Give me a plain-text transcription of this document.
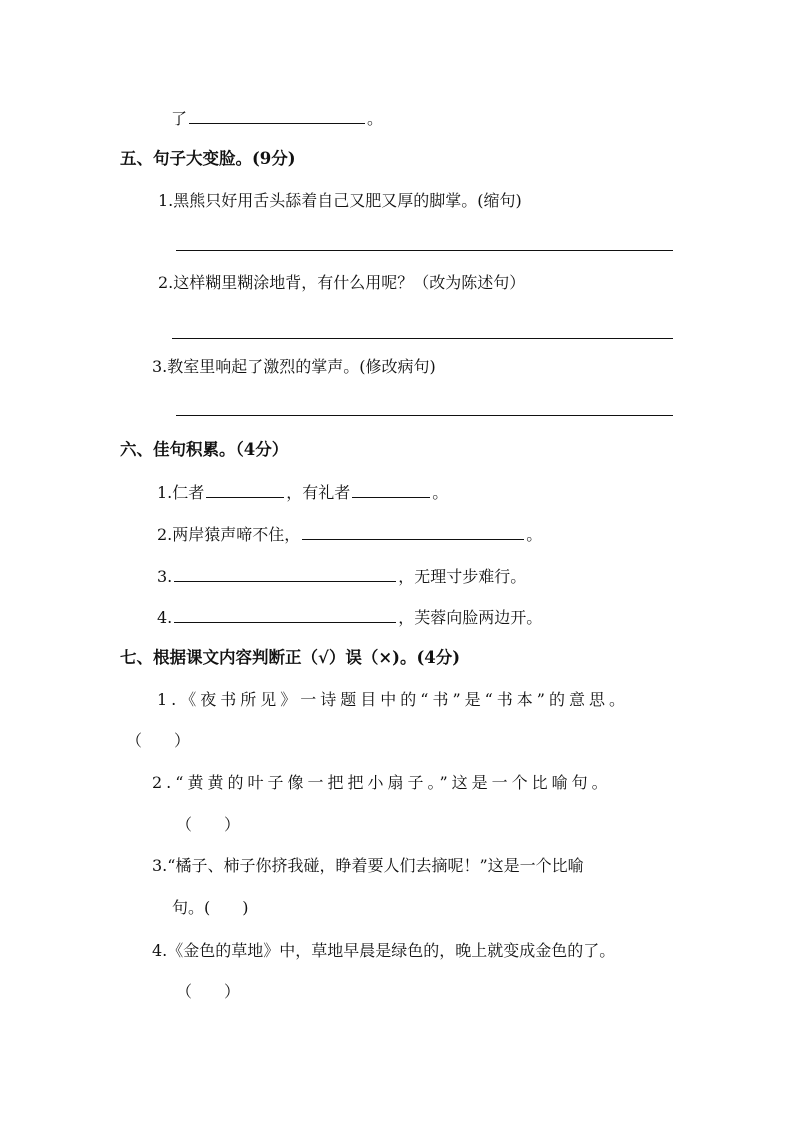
了	。
五、句子大变脸。(9分)
1.黑熊只好用舌头舔着自己又肥又厚的脚掌。(缩句)
2.这样糊里糊涂地背，有什么用呢？（改为陈述句）
3.教室里响起了激烈的掌声。(修改病句)
六、佳句积累。（4分）
1.仁者	，有礼者	。
2.两岸猿声啼不住，	。
3.	，无理寸步难行。
4.	，芙蓉向脸两边开。
七、根据课文内容判断正（√）误（×)。(4分)
1.《夜书所见》一诗题目中的“书”是“书本”的意思。
（　　）
2.“黄黄的叶子像一把把小扇子。”这是一个比喻句。
（　　）
3.“橘子、柿子你挤我碰，睁着要人们去摘呢！”这是一个比喻
句。(　　)
4.《金色的草地》中，草地早晨是绿色的，晚上就变成金色的了。
（　　）
